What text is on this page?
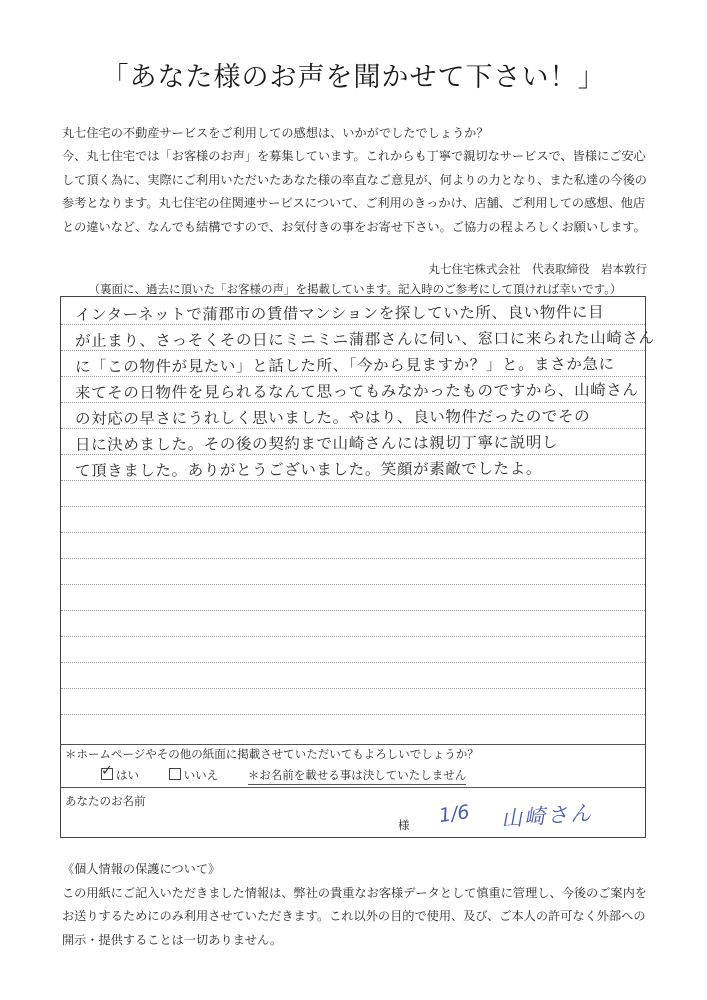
「あなた様のお声を聞かせて下さい！」

丸七住宅の不動産サービスをご利用しての感想は、いかがでしたでしょうか？

今、丸七住宅では「お客様のお声」を募集しています。これからも丁寧で親切なサービスで、皆様にご安心

して頂く為に、実際にご利用いただいたあなた様の率直なご意見が、何よりの力となり、また私達の今後の

参考となります。丸七住宅の住関連サービスについて、ご利用のきっかけ、店舗、ご利用しての感想、他店

との違いなど、なんでも結構ですので、お気付きの事をお寄せ下さい。ご協力の程よろしくお願いします。

丸七住宅株式会社　代表取締役　岩本敦行
（裏面に、過去に頂いた「お客様の声」を掲載しています。記入時のご参考にして頂ければ幸いです。）
インターネットで蒲郡市の賃借マンションを探していた所、良い物件に目
が止まり、さっそくその日にミニミニ蒲郡さんに伺い、窓口に来られた山崎さん
に「この物件が見たい」と話した所、「今から見ますか？」と。まさか急に
来てその日物件を見られるなんて思ってもみなかったものですから、山崎さん
の対応の早さにうれしく思いました。やはり、良い物件だったのでその
日に決めました。その後の契約まで山崎さんには親切丁寧に説明し
て頂きました。ありがとうございました。笑顔が素敵でしたよ。
＊ホームページやその他の紙面に掲載させていただいてもよろしいでしょうか？
✓ はい	いいえ	＊お名前を載せる事は決していたしません
あなたのお名前
様 1/6 山崎さん

《個人情報の保護について》

この用紙にご記入いただきました情報は、弊社の貴重なお客様データとして慎重に管理し、今後のご案内を

お送りするためにのみ利用させていただきます。これ以外の目的で使用、及び、ご本人の許可なく外部への

開示・提供することは一切ありません。
